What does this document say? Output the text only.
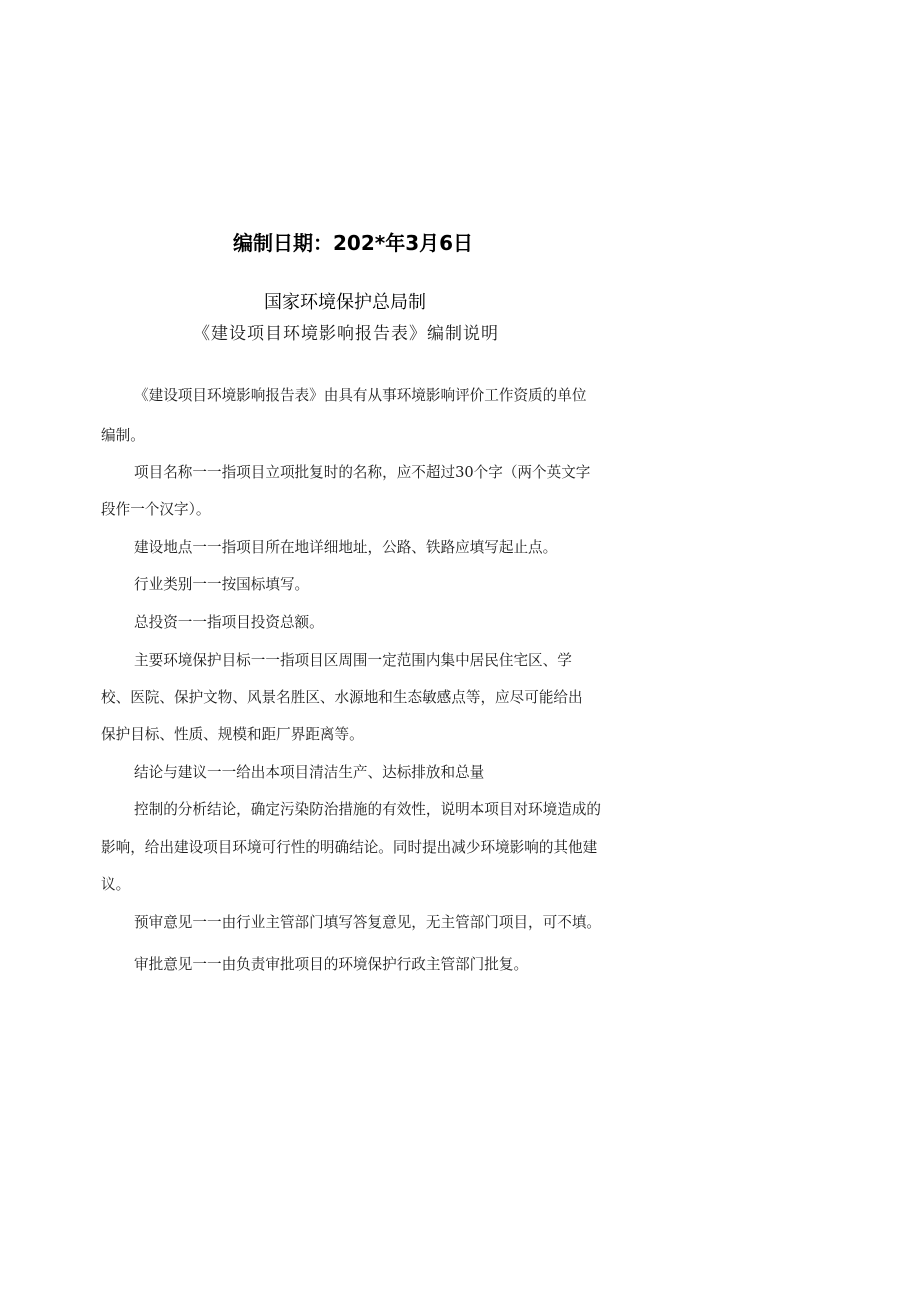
编制日期：202*年3月6日
国家环境保护总局制
《建设项目环境影响报告表》编制说明
《建设项目环境影响报告表》由具有从事环境影响评价工作资质的单位
编制。
项目名称一一指项目立项批复时的名称，应不超过30个字（两个英文字
段作一个汉字）。
建设地点一一指项目所在地详细地址，公路、铁路应填写起止点。
行业类别一一按国标填写。
总投资一一指项目投资总额。
主要环境保护目标一一指项目区周围一定范围内集中居民住宅区、学
校、医院、保护文物、风景名胜区、水源地和生态敏感点等，应尽可能给出
保护目标、性质、规模和距厂界距离等。
结论与建议一一给出本项目清洁生产、达标排放和总量
控制的分析结论，确定污染防治措施的有效性，说明本项目对环境造成的
影响，给出建设项目环境可行性的明确结论。同时提出减少环境影响的其他建
议。
预审意见一一由行业主管部门填写答复意见，无主管部门项目，可不填。
审批意见一一由负责审批项目的环境保护行政主管部门批复。
